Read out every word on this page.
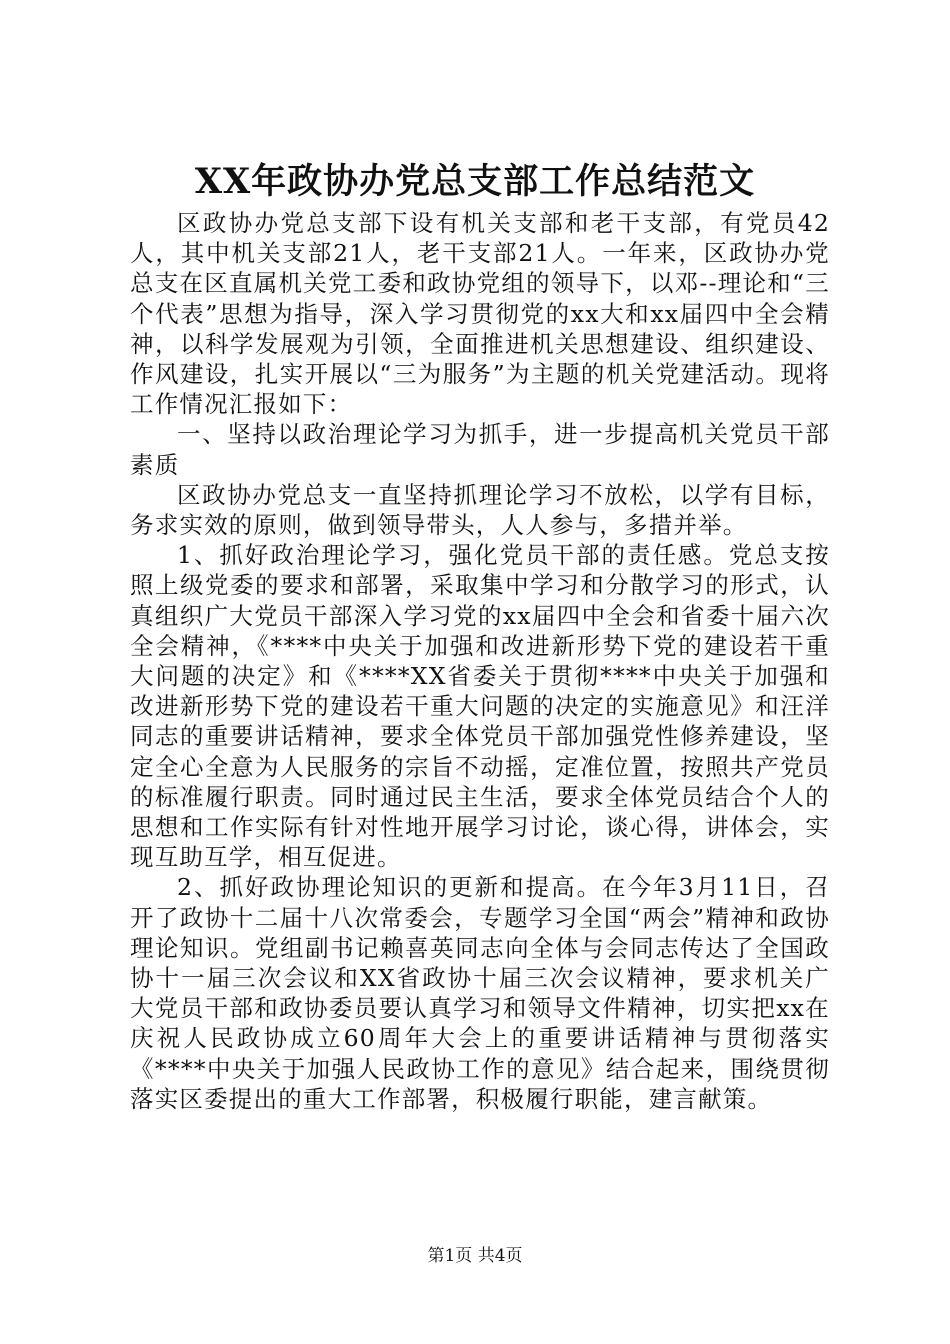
XX年政协办党总支部工作总结范文

区政协办党总支部下设有机关支部和老干支部，有党员42人，其中机关支部21人，老干支部21人。一年来，区政协办党总支在区直属机关党工委和政协党组的领导下，以邓--理论和“三个代表”思想为指导，深入学习贯彻党的xx大和xx届四中全会精神，以科学发展观为引领，全面推进机关思想建设、组织建设、作风建设，扎实开展以“三为服务”为主题的机关党建活动。现将工作情况汇报如下：

一、坚持以政治理论学习为抓手，进一步提高机关党员干部素质

区政协办党总支一直坚持抓理论学习不放松，以学有目标，务求实效的原则，做到领导带头，人人参与，多措并举。

1、抓好政治理论学习，强化党员干部的责任感。党总支按照上级党委的要求和部署，采取集中学习和分散学习的形式，认真组织广大党员干部深入学习党的xx届四中全会和省委十届六次全会精神，《****中央关于加强和改进新形势下党的建设若干重大问题的决定》和《****XX省委关于贯彻****中央关于加强和改进新形势下党的建设若干重大问题的决定的实施意见》和汪洋同志的重要讲话精神，要求全体党员干部加强党性修养建设，坚定全心全意为人民服务的宗旨不动摇，定准位置，按照共产党员的标准履行职责。同时通过民主生活，要求全体党员结合个人的思想和工作实际有针对性地开展学习讨论，谈心得，讲体会，实现互助互学，相互促进。

2、抓好政协理论知识的更新和提高。在今年3月11日，召开了政协十二届十八次常委会，专题学习全国“两会”精神和政协理论知识。党组副书记赖喜英同志向全体与会同志传达了全国政协十一届三次会议和XX省政协十届三次会议精神，要求机关广大党员干部和政协委员要认真学习和领导文件精神，切实把xx在庆祝人民政协成立60周年大会上的重要讲话精神与贯彻落实《****中央关于加强人民政协工作的意见》结合起来，围绕贯彻落实区委提出的重大工作部署，积极履行职能，建言献策。

第1页 共4页
